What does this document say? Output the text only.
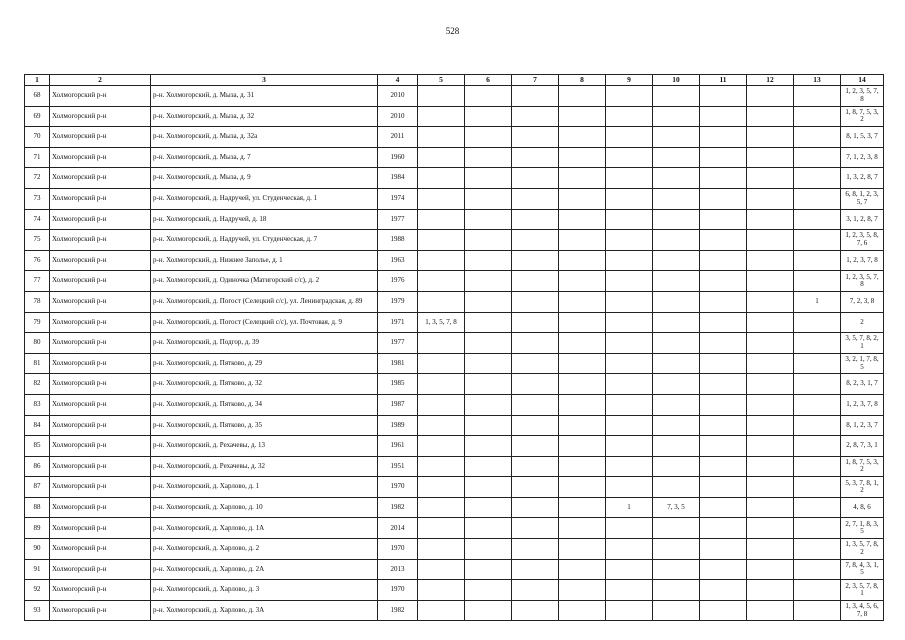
528
1	2	3	4	5	6	7	8	9	10	11	12	13	14
68	Холмогорский р-н	р-н. Холмогорский, д. Мыза, д. 31	2010										1, 2, 3, 5, 7, 8
69	Холмогорский р-н	р-н. Холмогорский, д. Мыза, д. 32	2010										1, 8, 7, 5, 3, 2
70	Холмогорский р-н	р-н. Холмогорский, д. Мыза, д. 32а	2011										8, 1, 5, 3, 7
71	Холмогорский р-н	р-н. Холмогорский, д. Мыза, д. 7	1960										7, 1, 2, 3, 8
72	Холмогорский р-н	р-н. Холмогорский, д. Мыза, д. 9	1984										1, 3, 2, 8, 7
73	Холмогорский р-н	р-н. Холмогорский, д. Надручей, ул. Студенческая, д. 1	1974										6, 8, 1, 2, 3, 5, 7
74	Холмогорский р-н	р-н. Холмогорский, д. Надручей, д. 18	1977										3, 1, 2, 8, 7
75	Холмогорский р-н	р-н. Холмогорский, д. Надручей, ул. Студенческая, д. 7	1988										1, 2, 3, 5, 8, 7, 6
76	Холмогорский р-н	р-н. Холмогорский, д. Нижнее Заполье, д. 1	1963										1, 2, 3, 7, 8
77	Холмогорский р-н	р-н. Холмогорский, д. Одиночка (Матигорский с/с), д. 2	1976										1, 2, 3, 5, 7, 8
78	Холмогорский р-н	р-н. Холмогорский, д. Погост (Селецкий с/с), ул. Ленинградская, д. 89	1979									1	7, 2, 3, 8
79	Холмогорский р-н	р-н. Холмогорский, д. Погост (Селецкий с/с), ул. Почтовая, д. 9	1971	1, 3, 5, 7, 8									2
80	Холмогорский р-н	р-н. Холмогорский, д. Подгор, д. 39	1977										3, 5, 7, 8, 2, 1
81	Холмогорский р-н	р-н. Холмогорский, д. Пятково, д. 29	1981										3, 2, 1, 7, 8, 5
82	Холмогорский р-н	р-н. Холмогорский, д. Пятково, д. 32	1985										8, 2, 3, 1, 7
83	Холмогорский р-н	р-н. Холмогорский, д. Пятково, д. 34	1987										1, 2, 3, 7, 8
84	Холмогорский р-н	р-н. Холмогорский, д. Пятково, д. 35	1989										8, 1, 2, 3, 7
85	Холмогорский р-н	р-н. Холмогорский, д. Рехачевы, д. 13	1961										2, 8, 7, 3, 1
86	Холмогорский р-н	р-н. Холмогорский, д. Рехачевы, д. 32	1951										1, 8, 7, 5, 3, 2
87	Холмогорский р-н	р-н. Холмогорский, д. Харлово, д. 1	1970										5, 3, 7, 8, 1, 2
88	Холмогорский р-н	р-н. Холмогорский, д. Харлово, д. 10	1982					1	7, 3, 5				4, 8, 6
89	Холмогорский р-н	р-н. Холмогорский, д. Харлово, д. 1А	2014										2, 7, 1, 8, 3, 5
90	Холмогорский р-н	р-н. Холмогорский, д. Харлово, д. 2	1970										1, 3, 5, 7, 8, 2
91	Холмогорский р-н	р-н. Холмогорский, д. Харлово, д. 2А	2013										7, 8, 4, 3, 1, 5
92	Холмогорский р-н	р-н. Холмогорский, д. Харлово, д. 3	1970										2, 3, 5, 7, 8, 1
93	Холмогорский р-н	р-н. Холмогорский, д. Харлово, д. 3А	1982										1, 3, 4, 5, 6, 7, 8
